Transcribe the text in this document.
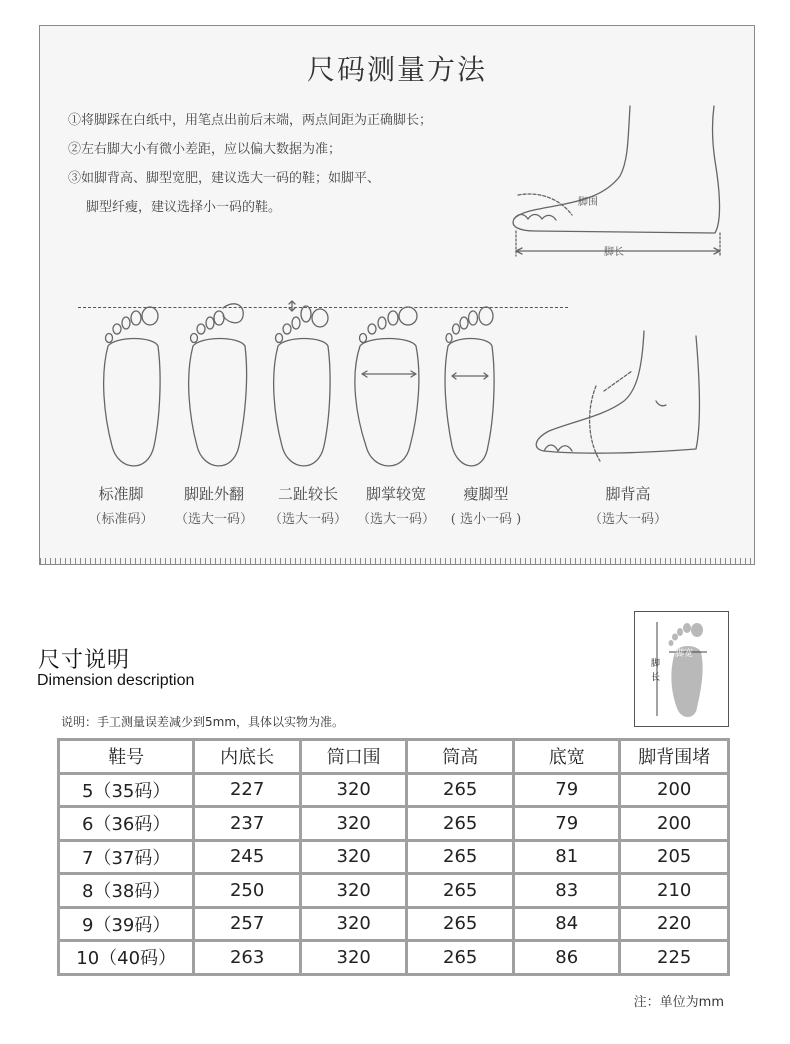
尺码测量方法
①将脚踩在白纸中，用笔点出前后末端，两点间距为正确脚长；
②左右脚大小有微小差距，应以偏大数据为准；
③如脚背高、脚型宽肥，建议选大一码的鞋；如脚平、
脚型纤瘦，建议选择小一码的鞋。	脚围
脚长
标准脚
（标准码）
脚趾外翻
（选大一码）
二趾较长
（选大一码）
脚掌较宽
（选大一码）
瘦脚型
( 选小一码 )
脚背高
（选大一码）
尺寸说明
Dimension description
说明：手工测量误差减少到5mm，具体以实物为准。
脚宽
脚
长
鞋号	内底长	筒口围	筒高	底宽	脚背围堵
5（35码）	227	320	265	79	200
6（36码）	237	320	265	79	200
7（37码）	245	320	265	81	205
8（38码）	250	320	265	83	210
9（39码）	257	320	265	84	220
10（40码）	263	320	265	86	225
注：单位为mm
